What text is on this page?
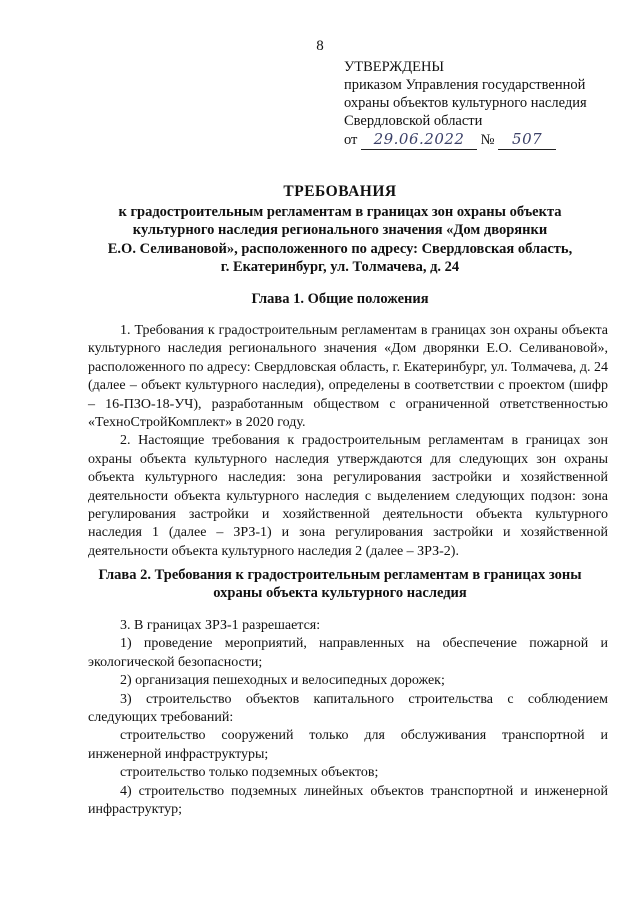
8
УТВЕРЖДЕНЫ
приказом Управления государственной
охраны объектов культурного наследия
Свердловской области
от 29.06.2022 № 507
ТРЕБОВАНИЯ
к градостроительным регламентам в границах зон охраны объекта
культурного наследия регионального значения «Дом дворянки
Е.О. Селивановой», расположенного по адресу: Свердловская область,
г. Екатеринбург, ул. Толмачева, д. 24
Глава 1. Общие положения

1. Требования к градостроительным регламентам в границах зон охраны объекта культурного наследия регионального значения «Дом дворянки Е.О. Селивановой», расположенного по адресу: Свердловская область, г. Екатеринбург, ул. Толмачева, д. 24 (далее – объект культурного наследия), определены в соответствии с проектом (шифр – 16-ПЗО-18-УЧ), разработанным обществом с ограниченной ответственностью «ТехноСтройКомплект» в 2020 году.

2. Настоящие требования к градостроительным регламентам в границах зон охраны объекта культурного наследия утверждаются для следующих зон охраны объекта культурного наследия: зона регулирования застройки и хозяйственной деятельности объекта культурного наследия с выделением следующих подзон: зона регулирования застройки и хозяйственной деятельности объекта культурного наследия 1 (далее – ЗРЗ-1) и зона регулирования застройки и хозяйственной деятельности объекта культурного наследия 2 (далее – ЗРЗ-2).

Глава 2. Требования к градостроительным регламентам в границах зоны
охраны объекта культурного наследия

3. В границах ЗРЗ-1 разрешается:

1) проведение мероприятий, направленных на обеспечение пожарной и экологической безопасности;

2) организация пешеходных и велосипедных дорожек;

3) строительство объектов капитального строительства с соблюдением следующих требований:

строительство сооружений только для обслуживания транспортной и инженерной инфраструктуры;

строительство только подземных объектов;

4) строительство подземных линейных объектов транспортной и инженерной инфраструктур;
